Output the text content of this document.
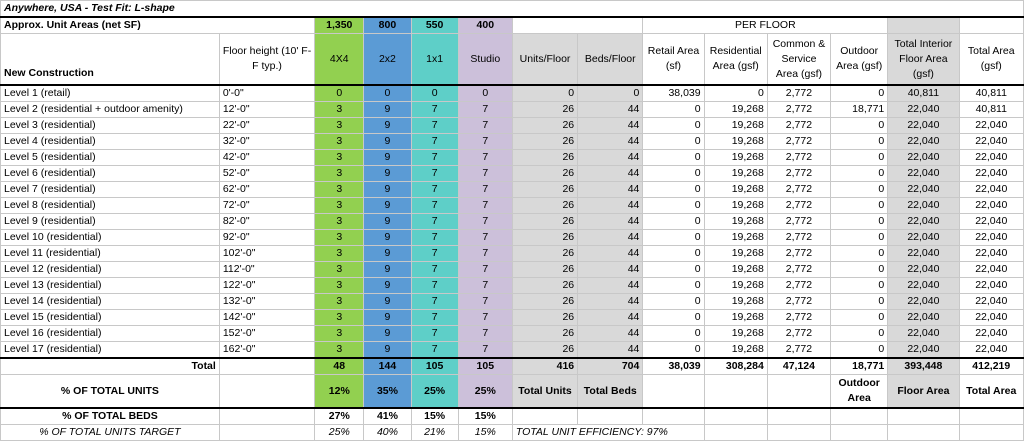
Anywhere, USA - Test Fit: L-shape													
Approx. Unit Areas (net SF)		1,350	800	550	400			PER FLOOR					
New Construction	Floor height (10' F-F typ.)	4X4	2x2	1x1	Studio	Units/Floor	Beds/Floor	Retail Area (sf)	Residential Area (gsf)	Common & Service Area (gsf)	Outdoor Area (gsf)	Total Interior Floor Area (gsf)	Total Area (gsf)
Level 1 (retail)	0'-0"	0	0	0	0	0	0	38,039	0	2,772	0	40,811	40,811
Level 2 (residential + outdoor amenity)	12'-0"	3	9	7	7	26	44	0	19,268	2,772	18,771	22,040	40,811
Level 3 (residential)	22'-0"	3	9	7	7	26	44	0	19,268	2,772	0	22,040	22,040
Level 4 (residential)	32'-0"	3	9	7	7	26	44	0	19,268	2,772	0	22,040	22,040
Level 5 (residential)	42'-0"	3	9	7	7	26	44	0	19,268	2,772	0	22,040	22,040
Level 6 (residential)	52'-0"	3	9	7	7	26	44	0	19,268	2,772	0	22,040	22,040
Level 7 (residential)	62'-0"	3	9	7	7	26	44	0	19,268	2,772	0	22,040	22,040
Level 8 (residential)	72'-0"	3	9	7	7	26	44	0	19,268	2,772	0	22,040	22,040
Level 9 (residential)	82'-0"	3	9	7	7	26	44	0	19,268	2,772	0	22,040	22,040
Level 10 (residential)	92'-0"	3	9	7	7	26	44	0	19,268	2,772	0	22,040	22,040
Level 11 (residential)	102'-0"	3	9	7	7	26	44	0	19,268	2,772	0	22,040	22,040
Level 12 (residential)	112'-0"	3	9	7	7	26	44	0	19,268	2,772	0	22,040	22,040
Level 13 (residential)	122'-0"	3	9	7	7	26	44	0	19,268	2,772	0	22,040	22,040
Level 14 (residential)	132'-0"	3	9	7	7	26	44	0	19,268	2,772	0	22,040	22,040
Level 15 (residential)	142'-0"	3	9	7	7	26	44	0	19,268	2,772	0	22,040	22,040
Level 16 (residential)	152'-0"	3	9	7	7	26	44	0	19,268	2,772	0	22,040	22,040
Level 17 (residential)	162'-0"	3	9	7	7	26	44	0	19,268	2,772	0	22,040	22,040
Total		48	144	105	105	416	704	38,039	308,284	47,124	18,771	393,448	412,219
% OF TOTAL UNITS		12%	35%	25%	25%	Total Units	Total Beds				Outdoor Area	Floor Area	Total Area
% OF TOTAL BEDS		27%	41%	15%	15%								
% OF TOTAL UNITS TARGET		25%	40%	21%	15%	TOTAL UNIT EFFICIENCY: 97%							
